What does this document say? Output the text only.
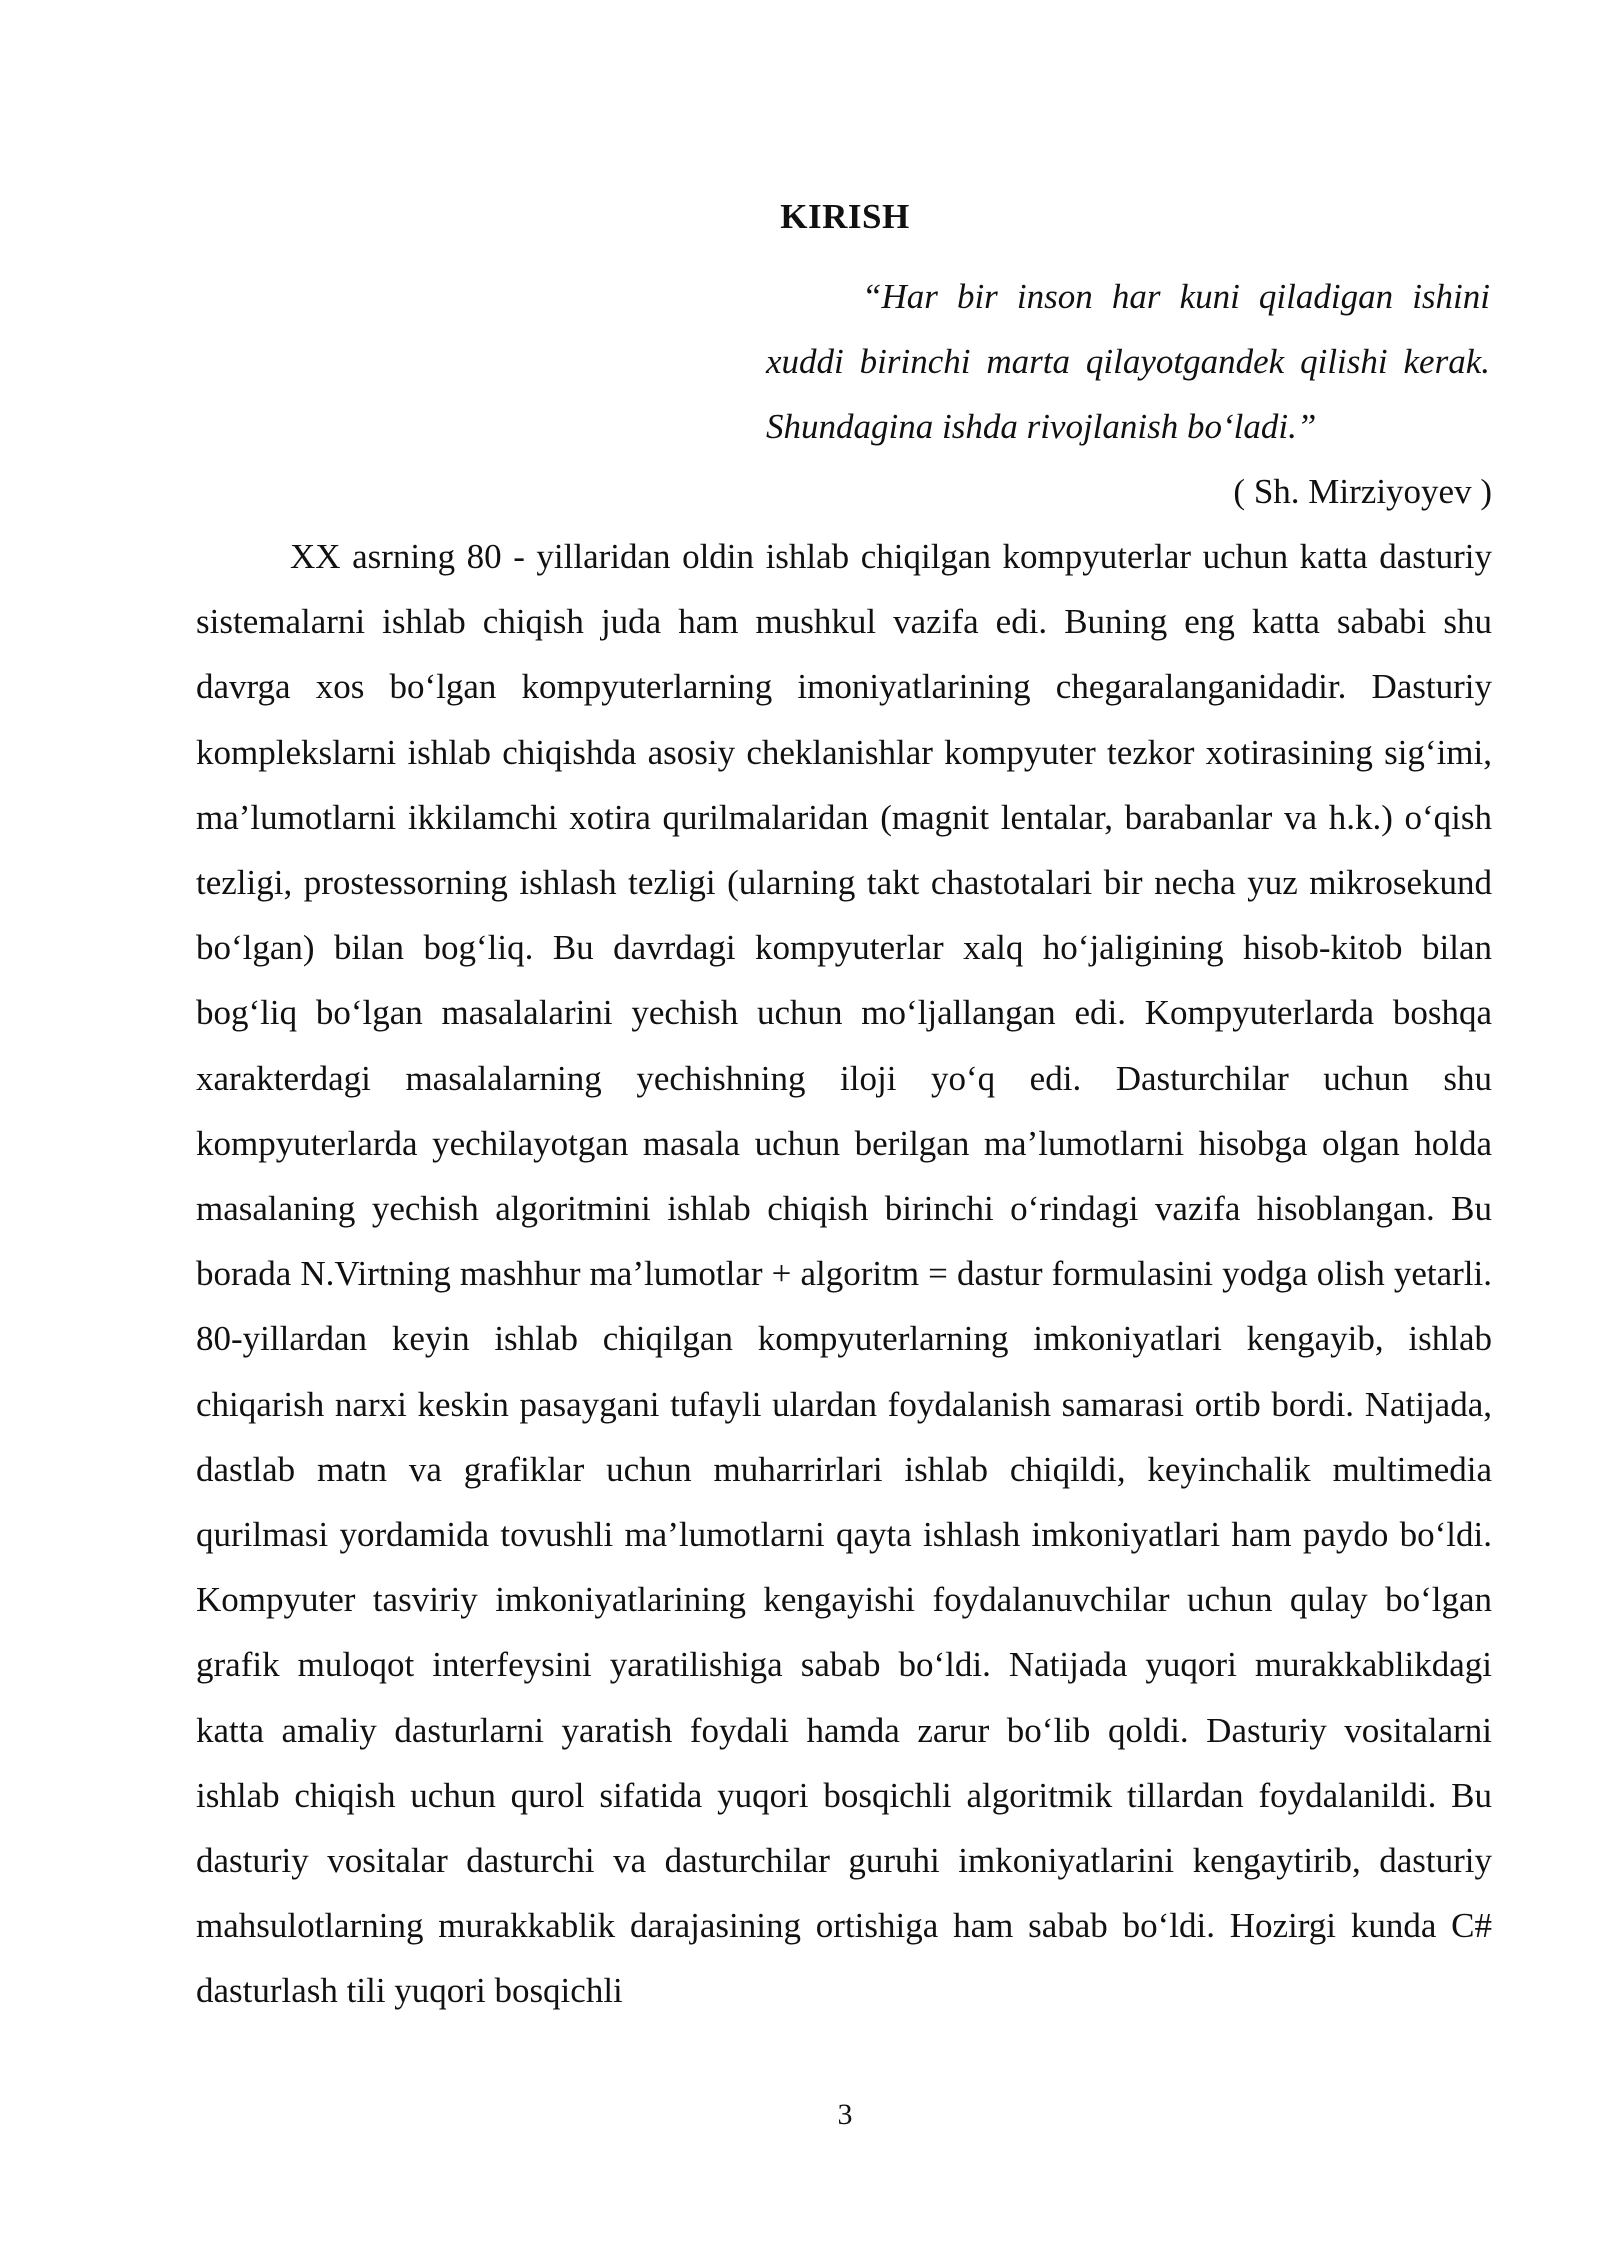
KIRISH
“Har bir inson har kuni qiladigan ishini xuddi birinchi marta qilayotgandek qilishi kerak. Shundagina ishda rivojlanish bo‘ladi.”
( Sh. Mirziyoyev )
XX asrning 80 - yillaridan oldin ishlab chiqilgan kompyuterlar uchun katta dasturiy sistemalarni ishlab chiqish juda ham mushkul vazifa edi. Buning eng katta sababi shu davrga xos bo‘lgan kompyuterlarning imoniyatlarining chegaralanganidadir. Dasturiy komplekslarni ishlab chiqishda asosiy cheklanishlar kompyuter tezkor xotirasining sig‘imi, ma’lumotlarni ikkilamchi xotira qurilmalaridan (magnit lentalar, barabanlar va h.k.) o‘qish tezligi, prostessorning ishlash tezligi (ularning takt chastotalari bir necha yuz mikrosekund bo‘lgan) bilan bog‘liq. Bu davrdagi kompyuterlar xalq ho‘jaligining hisob-kitob bilan bog‘liq bo‘lgan masalalarini yechish uchun mo‘ljallangan edi. Kompyuterlarda boshqa xarakterdagi masalalarning yechishning iloji yo‘q edi. Dasturchilar uchun shu kompyuterlarda yechilayotgan masala uchun berilgan ma’lumotlarni hisobga olgan holda masalaning yechish algoritmini ishlab chiqish birinchi o‘rindagi vazifa hisoblangan. Bu borada N.Virtning mashhur ma’lumotlar + algoritm = dastur formulasini yodga olish yetarli. 80-yillardan keyin ishlab chiqilgan kompyuterlarning imkoniyatlari kengayib, ishlab chiqarish narxi keskin pasaygani tufayli ulardan foydalanish samarasi ortib bordi. Natijada, dastlab matn va grafiklar uchun muharrirlari ishlab chiqildi, keyinchalik multimedia qurilmasi yordamida tovushli ma’lumotlarni qayta ishlash imkoniyatlari ham paydo bo‘ldi. Kompyuter tasviriy imkoniyatlarining kengayishi foydalanuvchilar uchun qulay bo‘lgan grafik muloqot interfeysini yaratilishiga sabab bo‘ldi. Natijada yuqori murakkablikdagi katta amaliy dasturlarni yaratish foydali hamda zarur bo‘lib qoldi. Dasturiy vositalarni ishlab chiqish uchun qurol sifatida yuqori bosqichli algoritmik tillardan foydalanildi. Bu dasturiy vositalar dasturchi va dasturchilar guruhi imkoniyatlarini kengaytirib, dasturiy mahsulotlarning murakkablik darajasining ortishiga ham sabab bo‘ldi. Hozirgi kunda C# dasturlash tili yuqori bosqichli
3
